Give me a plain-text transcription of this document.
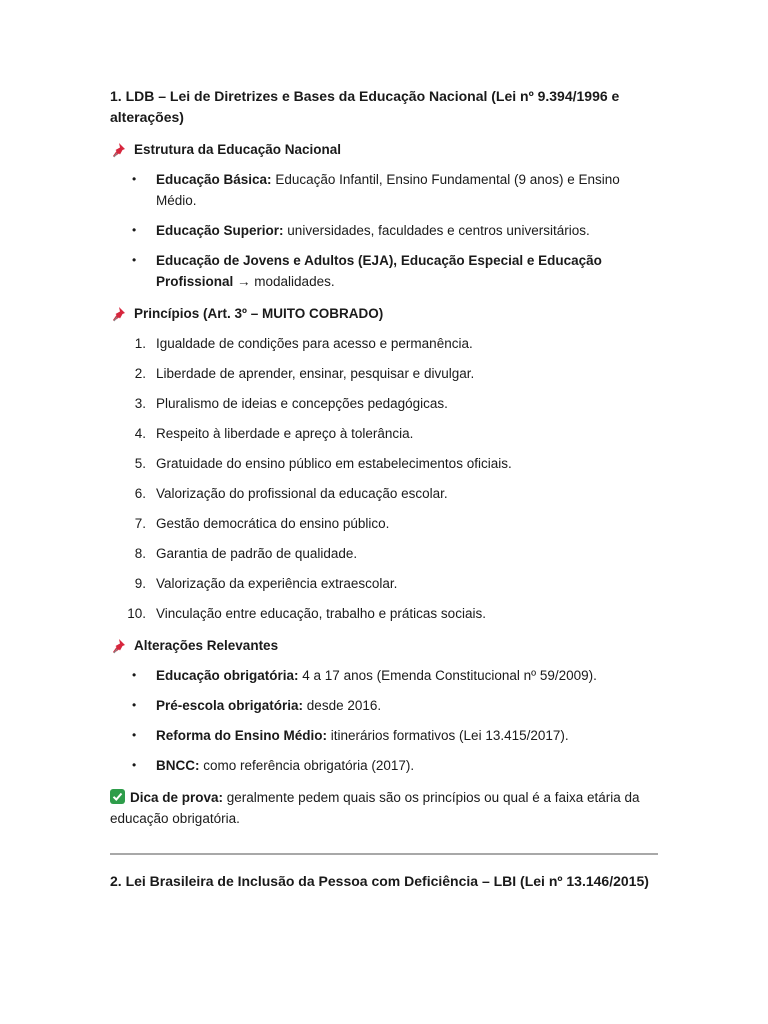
1. LDB – Lei de Diretrizes e Bases da Educação Nacional (Lei nº 9.394/1996 e alterações)

Estrutura da Educação Nacional
• Educação Básica: Educação Infantil, Ensino Fundamental (9 anos) e Ensino Médio.
• Educação Superior: universidades, faculdades e centros universitários.
• Educação de Jovens e Adultos (EJA), Educação Especial e Educação Profissional → modalidades.
Princípios (Art. 3º – MUITO COBRADO)
1. Igualdade de condições para acesso e permanência.
2. Liberdade de aprender, ensinar, pesquisar e divulgar.
3. Pluralismo de ideias e concepções pedagógicas.
4. Respeito à liberdade e apreço à tolerância.
5. Gratuidade do ensino público em estabelecimentos oficiais.
6. Valorização do profissional da educação escolar.
7. Gestão democrática do ensino público.
8. Garantia de padrão de qualidade.
9. Valorização da experiência extraescolar.
10. Vinculação entre educação, trabalho e práticas sociais.
Alterações Relevantes
• Educação obrigatória: 4 a 17 anos (Emenda Constitucional nº 59/2009).
• Pré-escola obrigatória: desde 2016.
• Reforma do Ensino Médio: itinerários formativos (Lei 13.415/2017).
• BNCC: como referência obrigatória (2017).
Dica de prova: geralmente pedem quais são os princípios ou qual é a faixa etária da educação obrigatória.
2. Lei Brasileira de Inclusão da Pessoa com Deficiência – LBI (Lei nº 13.146/2015)
